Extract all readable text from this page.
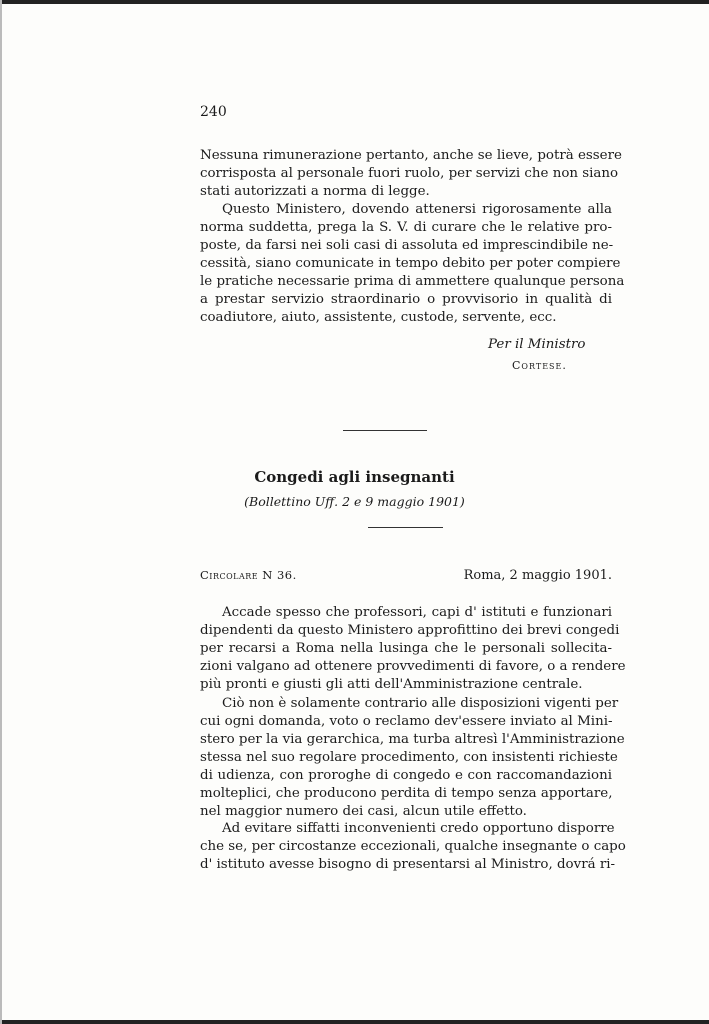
240
Nessuna rimunerazione pertanto, anche se lieve, potrà essere
corrisposta al personale fuori ruolo, per servizi che non siano
stati autorizzati a norma di legge.
Questo Ministero, dovendo attenersi rigorosamente alla
norma suddetta, prega la S. V. di curare che le relative pro-
poste, da farsi nei soli casi di assoluta ed imprescindibile ne-
cessità, siano comunicate in tempo debito per poter compiere
le pratiche necessarie prima di ammettere qualunque persona
a prestar servizio straordinario o provvisorio in qualità di
coadiutore, aiuto, assistente, custode, servente, ecc.
Per il Ministro
Cortese.
Congedi agli insegnanti
(Bollettino Uff. 2 e 9 maggio 1901)
Circolare N 36.	Roma, 2 maggio 1901.
Accade spesso che professori, capi d' istituti e funzionari
dipendenti da questo Ministero approfittino dei brevi congedi
per recarsi a Roma nella lusinga che le personali sollecita-
zioni valgano ad ottenere provvedimenti di favore, o a rendere
più pronti e giusti gli atti dell'Amministrazione centrale.
Ciò non è solamente contrario alle disposizioni vigenti per
cui ogni domanda, voto o reclamo dev'essere inviato al Mini-
stero per la via gerarchica, ma turba altresì l'Amministrazione
stessa nel suo regolare procedimento, con insistenti richieste
di udienza, con proroghe di congedo e con raccomandazioni
molteplici, che producono perdita di tempo senza apportare,
nel maggior numero dei casi, alcun utile effetto.
Ad evitare siffatti inconvenienti credo opportuno disporre
che se, per circostanze eccezionali, qualche insegnante o capo
d' istituto avesse bisogno di presentarsi al Ministro, dovrá ri-
